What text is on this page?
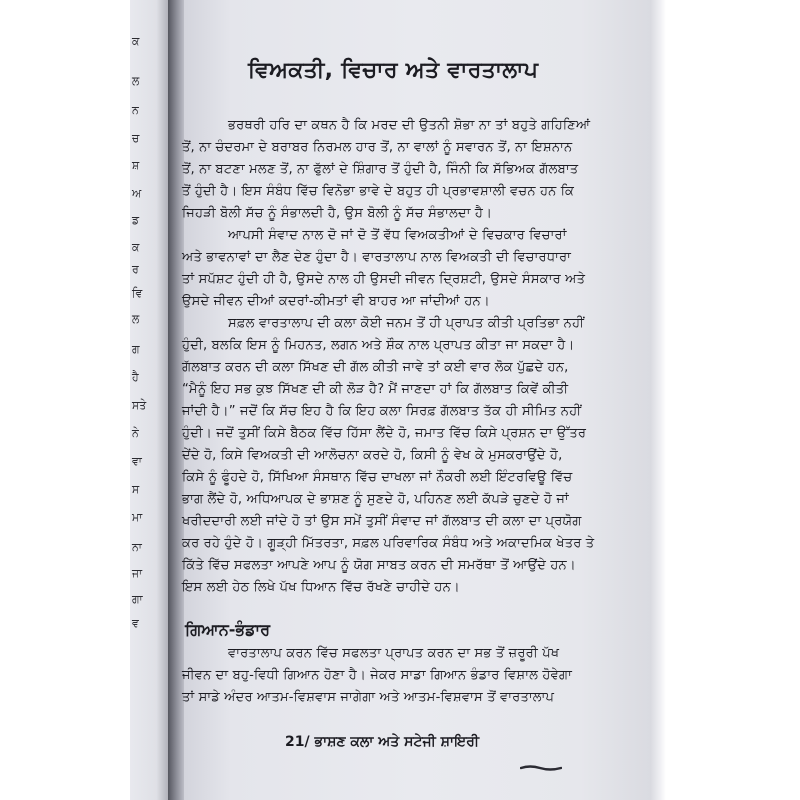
ਕ
ਲ
ਨ
ਚ
ਸ਼
ਅ
ਡ
ਕ
ਰ
ਵਿ
ਲ
ਗ
ਹੈ
ਸਤੇ
ਨੇ
ਵਾ
ਸ
ਮਾ
ਨਾ
ਜਾ
ਗਾ
ਵ
ਵਿਅਕਤੀ, ਵਿਚਾਰ ਅਤੇ ਵਾਰਤਾਲਾਪ
ਭਰਥਰੀ ਹਰਿ ਦਾ ਕਥਨ ਹੈ ਕਿ ਮਰਦ ਦੀ ਉਤਨੀ ਸ਼ੋਭਾ ਨਾ ਤਾਂ ਬਹੁਤੇ ਗਹਿਣਿਆਂ
ਤੋਂ, ਨਾ ਚੰਦਰਮਾ ਦੇ ਬਰਾਬਰ ਨਿਰਮਲ ਹਾਰ ਤੋਂ, ਨਾ ਵਾਲਾਂ ਨੂੰ ਸਵਾਰਨ ਤੋਂ, ਨਾ ਇਸ਼ਨਾਨ
ਤੋਂ, ਨਾ ਬਟਣਾ ਮਲਣ ਤੋਂ, ਨਾ ਫੁੱਲਾਂ ਦੇ ਸ਼ਿੰਗਾਰ ਤੋਂ ਹੁੰਦੀ ਹੈ, ਜਿੰਨੀ ਕਿ ਸੱਭਿਅਕ ਗੱਲਬਾਤ
ਤੋਂ ਹੁੰਦੀ ਹੈ। ਇਸ ਸੰਬੰਧ ਵਿੱਚ ਵਿਨੋਭਾ ਭਾਵੇ ਦੇ ਬਹੁਤ ਹੀ ਪ੍ਰਭਾਵਸ਼ਾਲੀ ਵਚਨ ਹਨ ਕਿ
ਜਿਹੜੀ ਬੋਲੀ ਸੱਚ ਨੂੰ ਸੰਭਾਲਦੀ ਹੈ, ਉਸ ਬੋਲੀ ਨੂੰ ਸੱਚ ਸੰਭਾਲਦਾ ਹੈ।
ਆਪਸੀ ਸੰਵਾਦ ਨਾਲ ਦੋ ਜਾਂ ਦੋ ਤੋਂ ਵੱਧ ਵਿਅਕਤੀਆਂ ਦੇ ਵਿਚਕਾਰ ਵਿਚਾਰਾਂ
ਅਤੇ ਭਾਵਨਾਵਾਂ ਦਾ ਲੈਣ ਦੇਣ ਹੁੰਦਾ ਹੈ। ਵਾਰਤਾਲਾਪ ਨਾਲ ਵਿਅਕਤੀ ਦੀ ਵਿਚਾਰਧਾਰਾ
ਤਾਂ ਸਪੱਸ਼ਟ ਹੁੰਦੀ ਹੀ ਹੈ, ਉਸਦੇ ਨਾਲ ਹੀ ਉਸਦੀ ਜੀਵਨ ਦ੍ਰਿਸ਼ਟੀ, ਉਸਦੇ ਸੰਸਕਾਰ ਅਤੇ
ਉਸਦੇ ਜੀਵਨ ਦੀਆਂ ਕਦਰਾਂ-ਕੀਮਤਾਂ ਵੀ ਬਾਹਰ ਆ ਜਾਂਦੀਆਂ ਹਨ।
ਸਫ਼ਲ ਵਾਰਤਾਲਾਪ ਦੀ ਕਲਾ ਕੋਈ ਜਨਮ ਤੋਂ ਹੀ ਪ੍ਰਾਪਤ ਕੀਤੀ ਪ੍ਰਤਿਭਾ ਨਹੀਂ
ਹੁੰਦੀ, ਬਲਕਿ ਇਸ ਨੂੰ ਮਿਹਨਤ, ਲਗਨ ਅਤੇ ਸ਼ੌਕ ਨਾਲ ਪ੍ਰਾਪਤ ਕੀਤਾ ਜਾ ਸਕਦਾ ਹੈ।
ਗੱਲਬਾਤ ਕਰਨ ਦੀ ਕਲਾ ਸਿੱਖਣ ਦੀ ਗੱਲ ਕੀਤੀ ਜਾਵੇ ਤਾਂ ਕਈ ਵਾਰ ਲੋਕ ਪੁੱਛਦੇ ਹਨ,
“ਮੈਨੂੰ ਇਹ ਸਭ ਕੁਝ ਸਿੱਖਣ ਦੀ ਕੀ ਲੋੜ ਹੈ? ਮੈਂ ਜਾਣਦਾ ਹਾਂ ਕਿ ਗੱਲਬਾਤ ਕਿਵੇਂ ਕੀਤੀ
ਜਾਂਦੀ ਹੈ।” ਜਦੋਂ ਕਿ ਸੱਚ ਇਹ ਹੈ ਕਿ ਇਹ ਕਲਾ ਸਿਰਫ਼ ਗੱਲਬਾਤ ਤੱਕ ਹੀ ਸੀਮਿਤ ਨਹੀਂ
ਹੁੰਦੀ। ਜਦੋਂ ਤੁਸੀਂ ਕਿਸੇ ਬੈਠਕ ਵਿੱਚ ਹਿੱਸਾ ਲੈਂਦੇ ਹੋ, ਜਮਾਤ ਵਿੱਚ ਕਿਸੇ ਪ੍ਰਸ਼ਨ ਦਾ ਉੱਤਰ
ਦੇਂਦੇ ਹੋ, ਕਿਸੇ ਵਿਅਕਤੀ ਦੀ ਆਲੋਚਨਾ ਕਰਦੇ ਹੋ, ਕਿਸੀ ਨੂੰ ਵੇਖ ਕੇ ਮੁਸਕਰਾਉਂਦੇ ਹੋ,
ਕਿਸੇ ਨੂੰ ਫੂੰਹਦੇ ਹੋ, ਸਿੱਖਿਆ ਸੰਸਥਾਨ ਵਿੱਚ ਦਾਖਲਾ ਜਾਂ ਨੌਕਰੀ ਲਈ ਇੰਟਰਵਿਊ ਵਿੱਚ
ਭਾਗ ਲੈਂਦੇ ਹੋ, ਅਧਿਆਪਕ ਦੇ ਭਾਸ਼ਣ ਨੂੰ ਸੁਣਦੇ ਹੋ, ਪਹਿਨਣ ਲਈ ਕੱਪੜੇ ਚੁਣਦੇ ਹੋ ਜਾਂ
ਖਰੀਦਦਾਰੀ ਲਈ ਜਾਂਦੇ ਹੋ ਤਾਂ ਉਸ ਸਮੇਂ ਤੁਸੀਂ ਸੰਵਾਦ ਜਾਂ ਗੱਲਬਾਤ ਦੀ ਕਲਾ ਦਾ ਪ੍ਰਯੋਗ
ਕਰ ਰਹੇ ਹੁੰਦੇ ਹੋ। ਗੂੜ੍ਹੀ ਮਿੱਤਰਤਾ, ਸਫ਼ਲ ਪਰਿਵਾਰਿਕ ਸੰਬੰਧ ਅਤੇ ਅਕਾਦਮਿਕ ਖੇਤਰ ਤੇ
ਕਿੱਤੇ ਵਿੱਚ ਸਫਲਤਾ ਆਪਣੇ ਆਪ ਨੂੰ ਯੋਗ ਸਾਬਤ ਕਰਨ ਦੀ ਸਮਰੱਥਾ ਤੋਂ ਆਉਂਦੇ ਹਨ।
ਇਸ ਲਈ ਹੇਠ ਲਿਖੇ ਪੱਖ ਧਿਆਨ ਵਿੱਚ ਰੱਖਣੇ ਚਾਹੀਦੇ ਹਨ।
ਗਿਆਨ-ਭੰਡਾਰ
ਵਾਰਤਾਲਾਪ ਕਰਨ ਵਿੱਚ ਸਫਲਤਾ ਪ੍ਰਾਪਤ ਕਰਨ ਦਾ ਸਭ ਤੋਂ ਜ਼ਰੂਰੀ ਪੱਖ
ਜੀਵਨ ਦਾ ਬਹੁ-ਵਿਧੀ ਗਿਆਨ ਹੋਣਾ ਹੈ। ਜੇਕਰ ਸਾਡਾ ਗਿਆਨ ਭੰਡਾਰ ਵਿਸ਼ਾਲ ਹੋਵੇਗਾ
ਤਾਂ ਸਾਡੇ ਅੰਦਰ ਆਤਮ-ਵਿਸ਼ਵਾਸ ਜਾਗੇਗਾ ਅਤੇ ਆਤਮ-ਵਿਸ਼ਵਾਸ ਤੋਂ ਵਾਰਤਾਲਾਪ
21/ ਭਾਸ਼ਣ ਕਲਾ ਅਤੇ ਸਟੇਜੀ ਸ਼ਾਇਰੀ
